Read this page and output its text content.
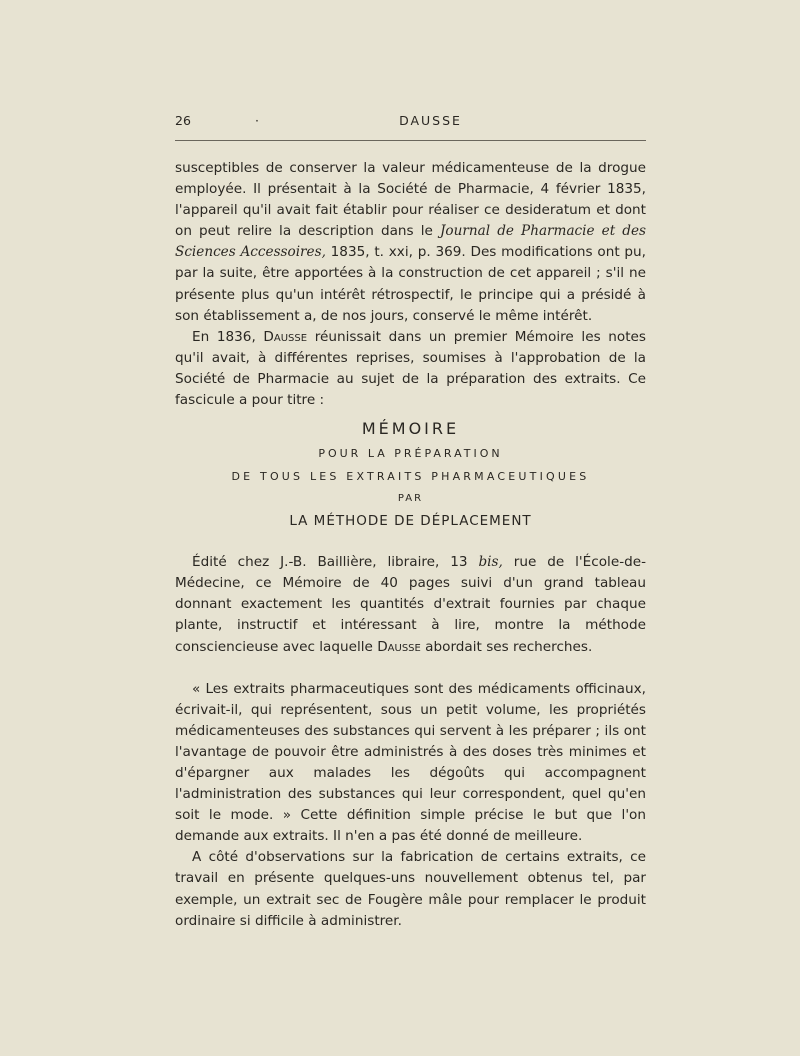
26	·	DAUSSE

susceptibles de conserver la valeur médicamenteuse de la drogue employée. Il présentait à la Société de Pharmacie, 4 février 1835, l'appareil qu'il avait fait établir pour réaliser ce desideratum et dont on peut relire la description dans le Journal de Pharmacie et des Sciences Accessoires, 1835, t. xxi, p. 369. Des modifications ont pu, par la suite, être apportées à la construction de cet appareil ; s'il ne présente plus qu'un intérêt rétrospectif, le principe qui a présidé à son établissement a, de nos jours, conservé le même intérêt.

En 1836, Dausse réunissait dans un premier Mémoire les notes qu'il avait, à différentes reprises, soumises à l'approbation de la Société de Pharmacie au sujet de la préparation des extraits. Ce fascicule a pour titre :

MÉMOIRE
POUR LA PRÉPARATION
DE TOUS LES EXTRAITS PHARMACEUTIQUES
PAR
LA MÉTHODE DE DÉPLACEMENT

Édité chez J.-B. Baillière, libraire, 13 bis, rue de l'École-de-Médecine, ce Mémoire de 40 pages suivi d'un grand tableau donnant exactement les quantités d'extrait fournies par chaque plante, instructif et intéressant à lire, montre la méthode consciencieuse avec laquelle Dausse abordait ses recherches.

« Les extraits pharmaceutiques sont des médicaments officinaux, écrivait-il, qui représentent, sous un petit volume, les propriétés médicamenteuses des substances qui servent à les préparer ; ils ont l'avantage de pouvoir être administrés à des doses très minimes et d'épargner aux malades les dégoûts qui accompagnent l'administration des substances qui leur correspondent, quel qu'en soit le mode. » Cette définition simple précise le but que l'on demande aux extraits. Il n'en a pas été donné de meilleure.

A côté d'observations sur la fabrication de certains extraits, ce travail en présente quelques-uns nouvellement obtenus tel, par exemple, un extrait sec de Fougère mâle pour remplacer le produit ordinaire si difficile à administrer.
